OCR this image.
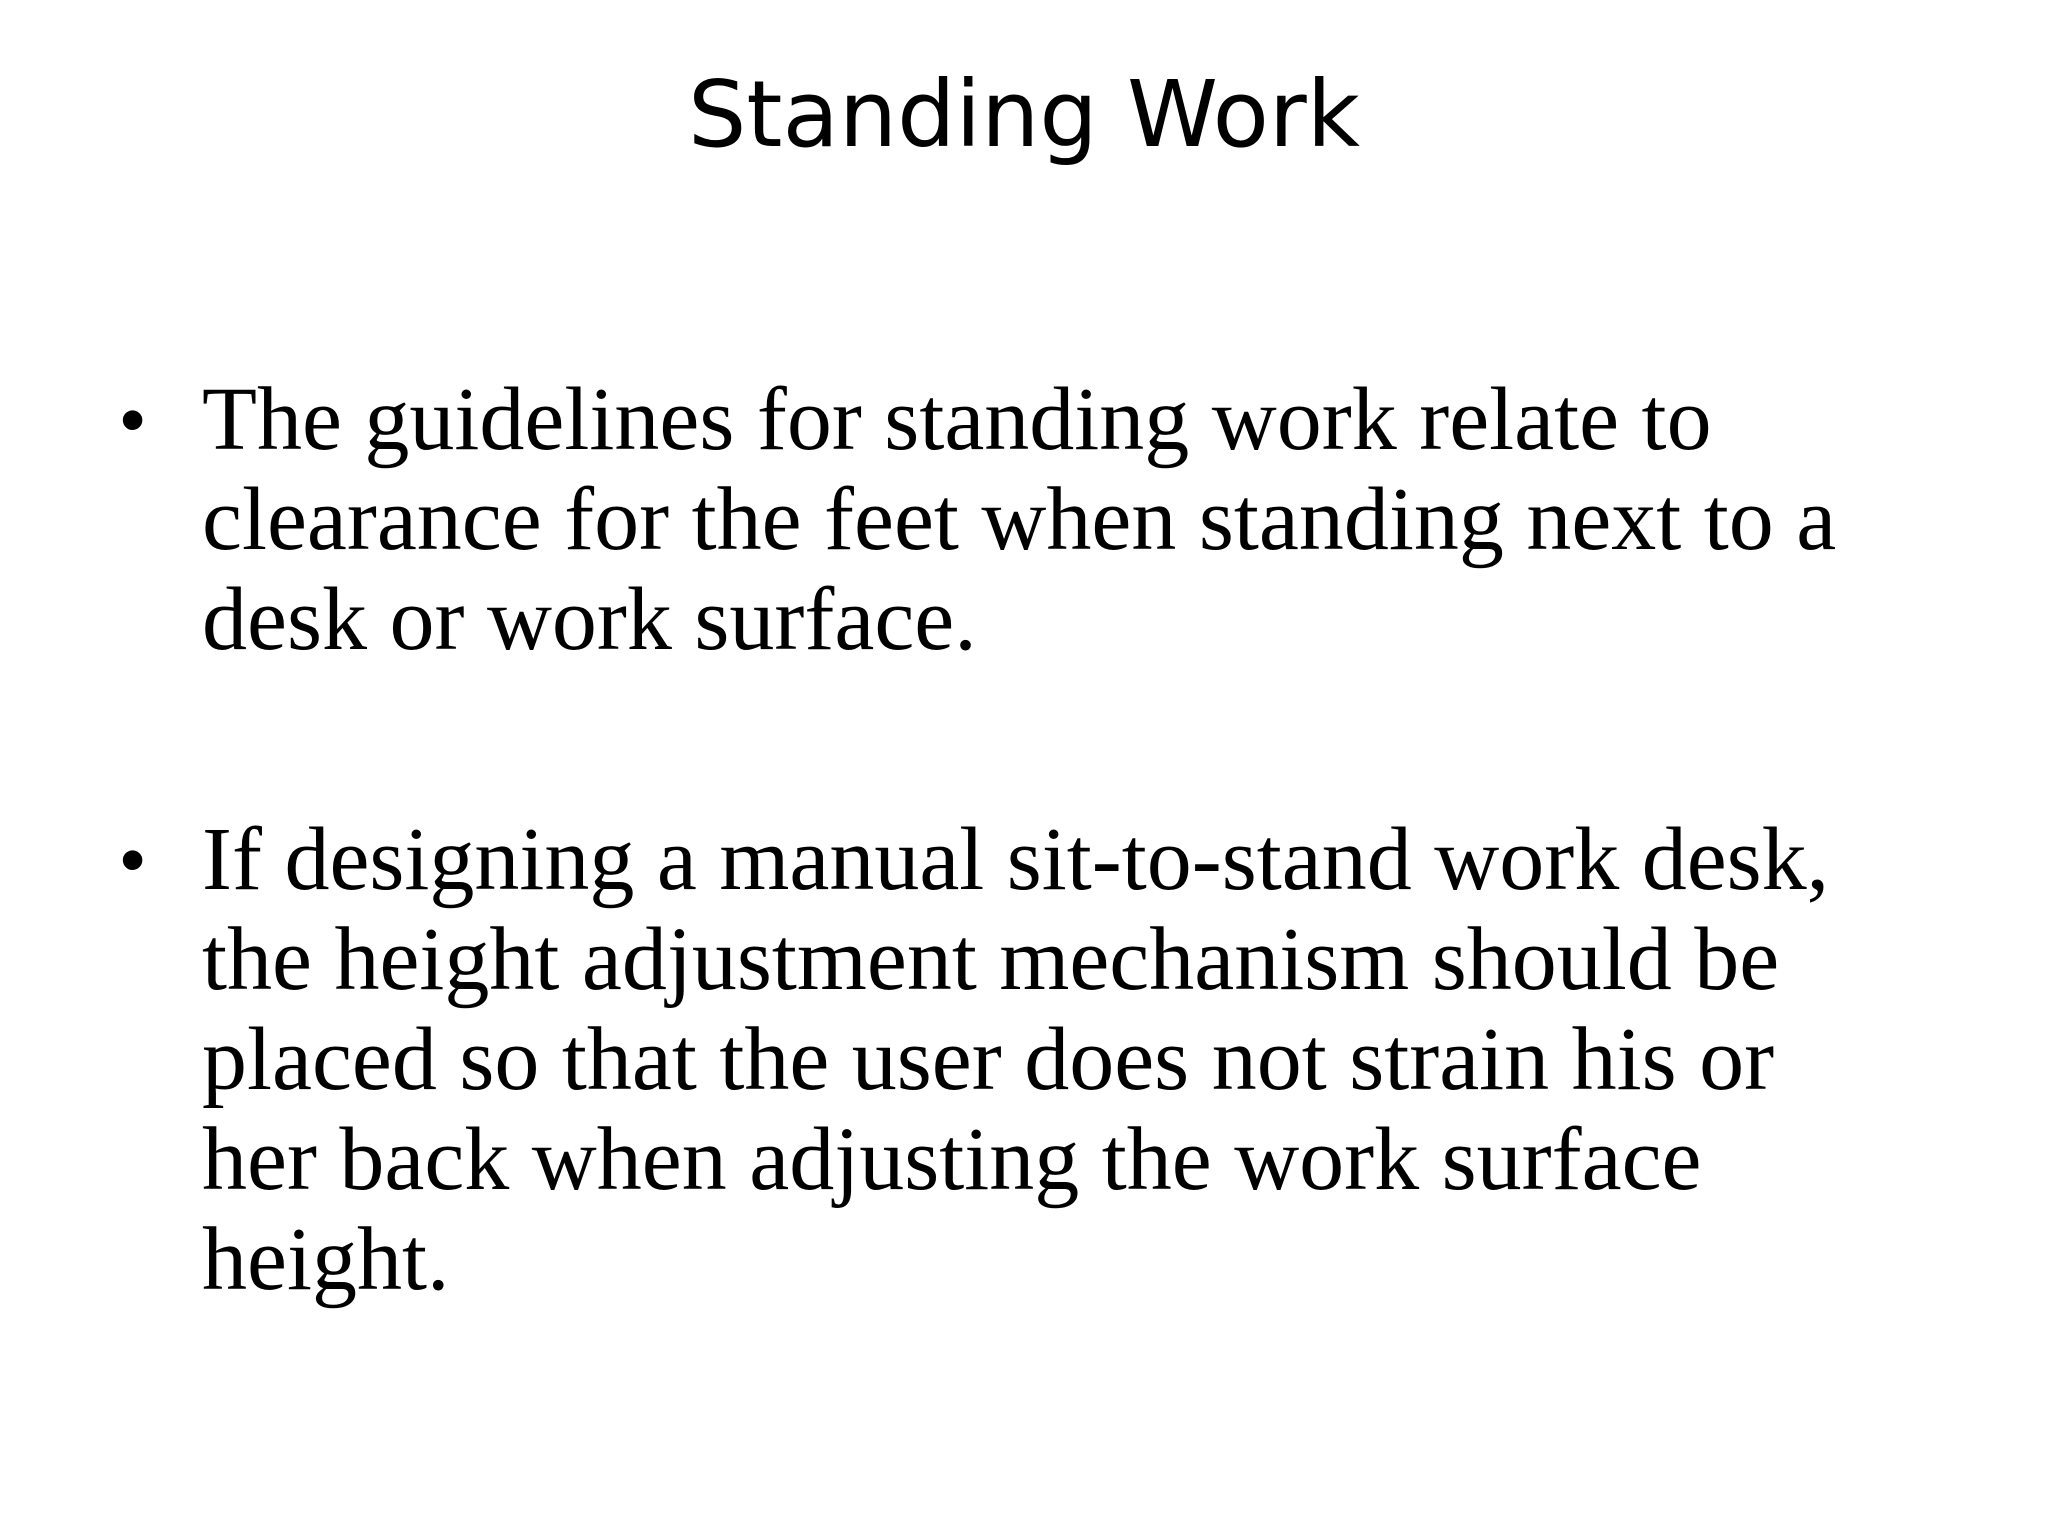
Standing Work
• The guidelines for standing work relate to clearance for the feet when standing next to a desk or work surface.
• If designing a manual sit-to-stand work desk, the height adjustment mechanism should be placed so that the user does not strain his or her back when adjusting the work surface height.
